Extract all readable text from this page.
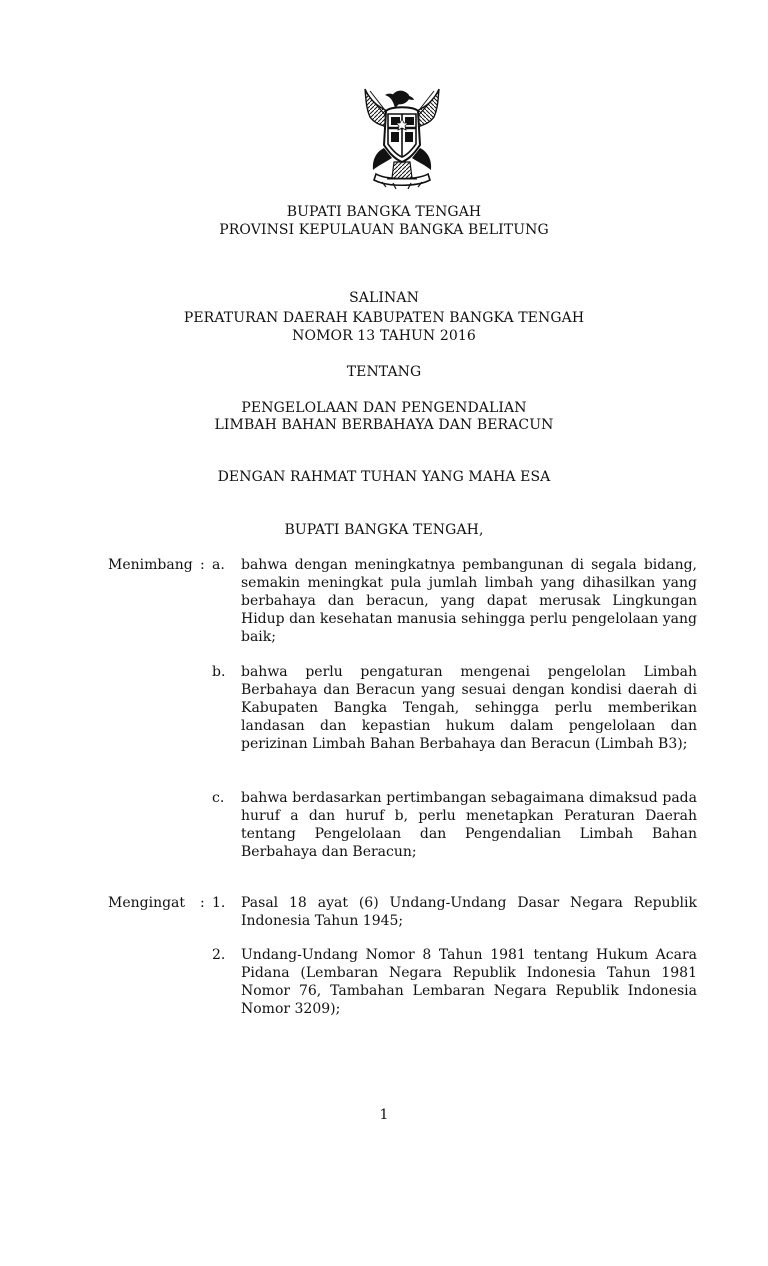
BUPATI BANGKA TENGAH
PROVINSI KEPULAUAN BANGKA BELITUNG
SALINAN
PERATURAN DAERAH KABUPATEN BANGKA TENGAH
NOMOR 13 TAHUN 2016
TENTANG
PENGELOLAAN DAN PENGENDALIAN
LIMBAH BAHAN BERBAHAYA DAN BERACUN
DENGAN RAHMAT TUHAN YANG MAHA ESA
BUPATI BANGKA TENGAH,
Menimbang : a.	bahwa dengan meningkatnya pembangunan di segala bidang, semakin meningkat pula jumlah limbah yang dihasilkan yang berbahaya dan beracun, yang dapat merusak Lingkungan Hidup dan kesehatan manusia sehingga perlu pengelolaan yang baik;
b.	bahwa perlu pengaturan mengenai pengelolan Limbah Berbahaya dan Beracun yang sesuai dengan kondisi daerah di Kabupaten Bangka Tengah, sehingga perlu memberikan landasan dan kepastian hukum dalam pengelolaan dan perizinan Limbah Bahan Berbahaya dan Beracun (Limbah B3);
c.	bahwa berdasarkan pertimbangan sebagaimana dimaksud pada huruf a dan huruf b, perlu menetapkan Peraturan Daerah tentang Pengelolaan dan Pengendalian Limbah Bahan Berbahaya dan Beracun;
Mengingat	: 1.	Pasal 18 ayat (6) Undang-Undang Dasar Negara Republik Indonesia Tahun 1945;
2.	Undang-Undang Nomor 8 Tahun 1981 tentang Hukum Acara Pidana (Lembaran Negara Republik Indonesia Tahun 1981 Nomor 76, Tambahan Lembaran Negara Republik Indonesia Nomor 3209);
1
